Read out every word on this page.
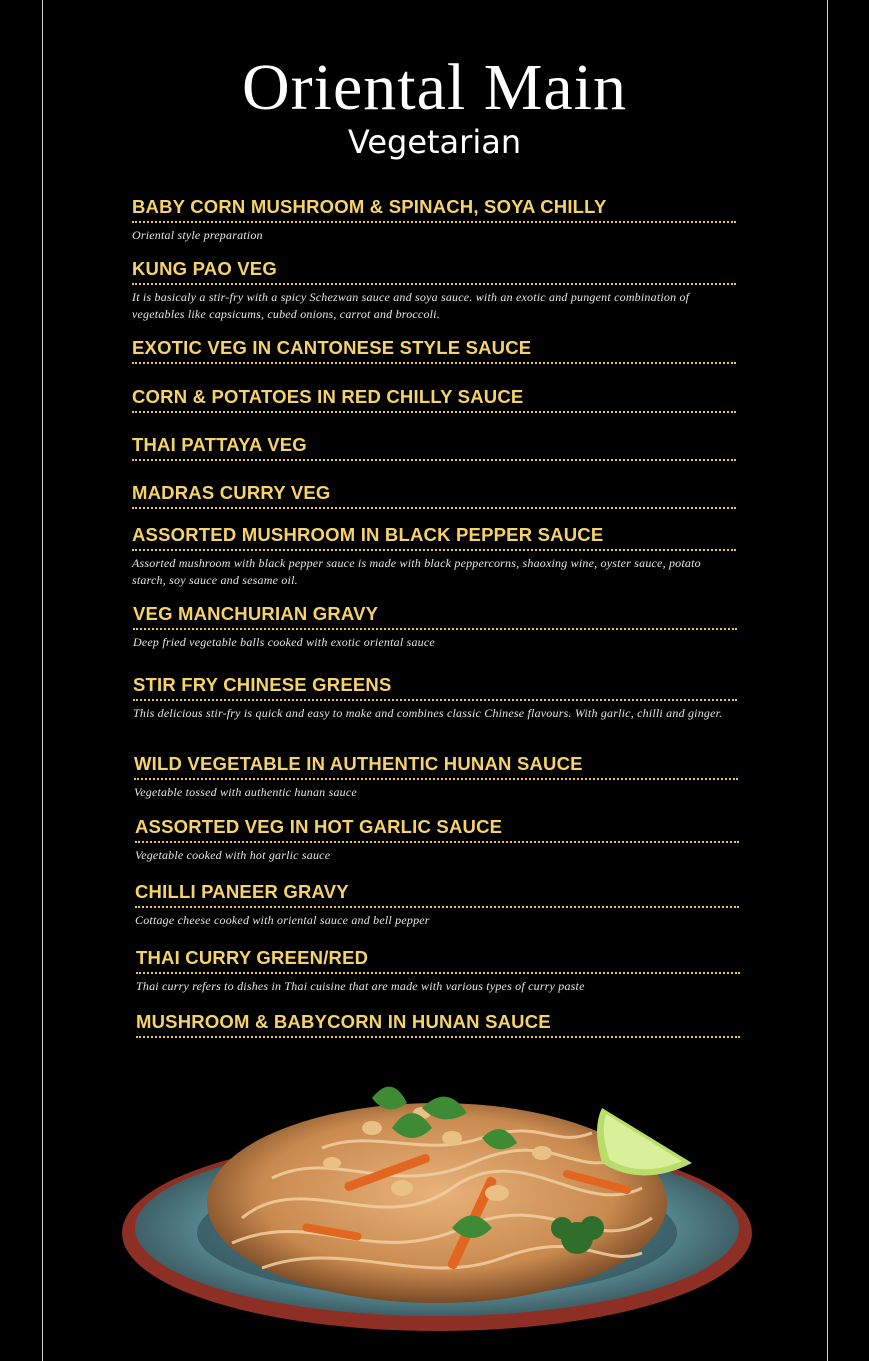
Oriental Main
Vegetarian
BABY CORN MUSHROOM & SPINACH, SOYA CHILLY
Oriental style preparation
KUNG PAO VEG
It is basicaly a stir-fry with a spicy Schezwan sauce and soya sauce. with an exotic and pungent combination of vegetables like capsicums, cubed onions, carrot and broccoli.
EXOTIC VEG IN CANTONESE STYLE SAUCE
CORN & POTATOES IN RED CHILLY SAUCE
THAI PATTAYA VEG
MADRAS CURRY VEG
ASSORTED MUSHROOM IN BLACK PEPPER SAUCE
Assorted mushroom with black pepper sauce is made with black peppercorns, shaoxing wine, oyster sauce, potato starch, soy sauce and sesame oil.
VEG MANCHURIAN GRAVY
Deep fried vegetable balls cooked with exotic oriental sauce
STIR FRY CHINESE GREENS
This delicious stir-fry is quick and easy to make and combines classic Chinese flavours. With garlic, chilli and ginger.
WILD VEGETABLE IN AUTHENTIC HUNAN SAUCE
Vegetable tossed with authentic hunan sauce
ASSORTED VEG IN HOT GARLIC SAUCE
Vegetable cooked with hot garlic sauce
CHILLI PANEER GRAVY
Cottage cheese cooked with oriental sauce and bell pepper
THAI CURRY GREEN/RED
Thai curry refers to dishes in Thai cuisine that are made with various types of curry paste
MUSHROOM & BABYCORN IN HUNAN SAUCE
